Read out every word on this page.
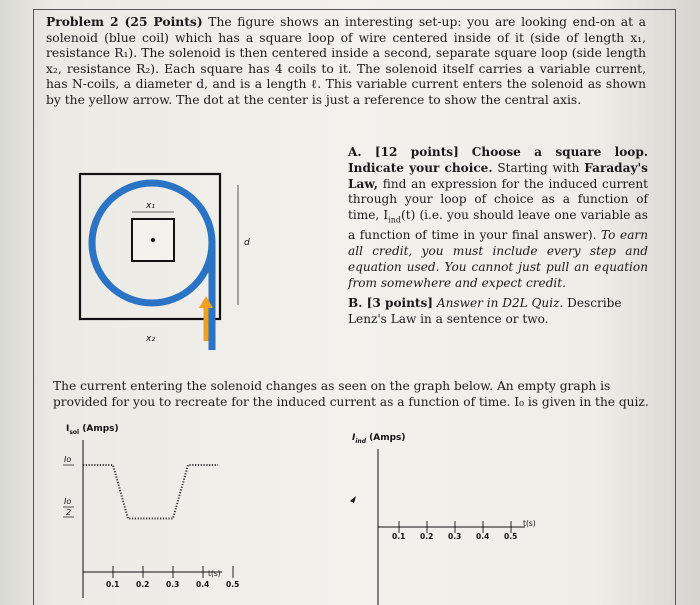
Problem 2 (25 Points) The figure shows an interesting set-up: you are looking end-on at a solenoid (blue coil) which has a square loop of wire centered inside of it (side of length x₁, resistance R₁). The solenoid is then centered inside a second, separate square loop (side length x₂, resistance R₂). Each square has 4 coils to it. The solenoid itself carries a variable current, has N-coils, a diameter d, and is a length ℓ. This variable current enters the solenoid as shown by the yellow arrow. The dot at the center is just a reference to show the central axis.
x₁
x₂
d
A. [12 points] Choose a square loop. Indicate your choice. Starting with Faraday's Law, find an expression for the induced current through your loop of choice as a function of time, $I_{ind}(t)$ (i.e. you should leave one variable as a function of time in your final answer). To earn all credit, you must include every step and equation used. You cannot just pull an equation from somewhere and expect credit.
B. [3 points] Answer in D2L Quiz. Describe Lenz's Law in a sentence or two.
The current entering the solenoid changes as seen on the graph below. An empty graph is provided for you to recreate for the induced current as a function of time. I₀ is given in the quiz.
$I_{sol}$ (Amps)
Io
Io
2
0.1 0.2 0.3 0.4 0.5
t(s)
$I_{ind}$ (Amps)
0.1 0.2 0.3 0.4 0.5
t(s)
